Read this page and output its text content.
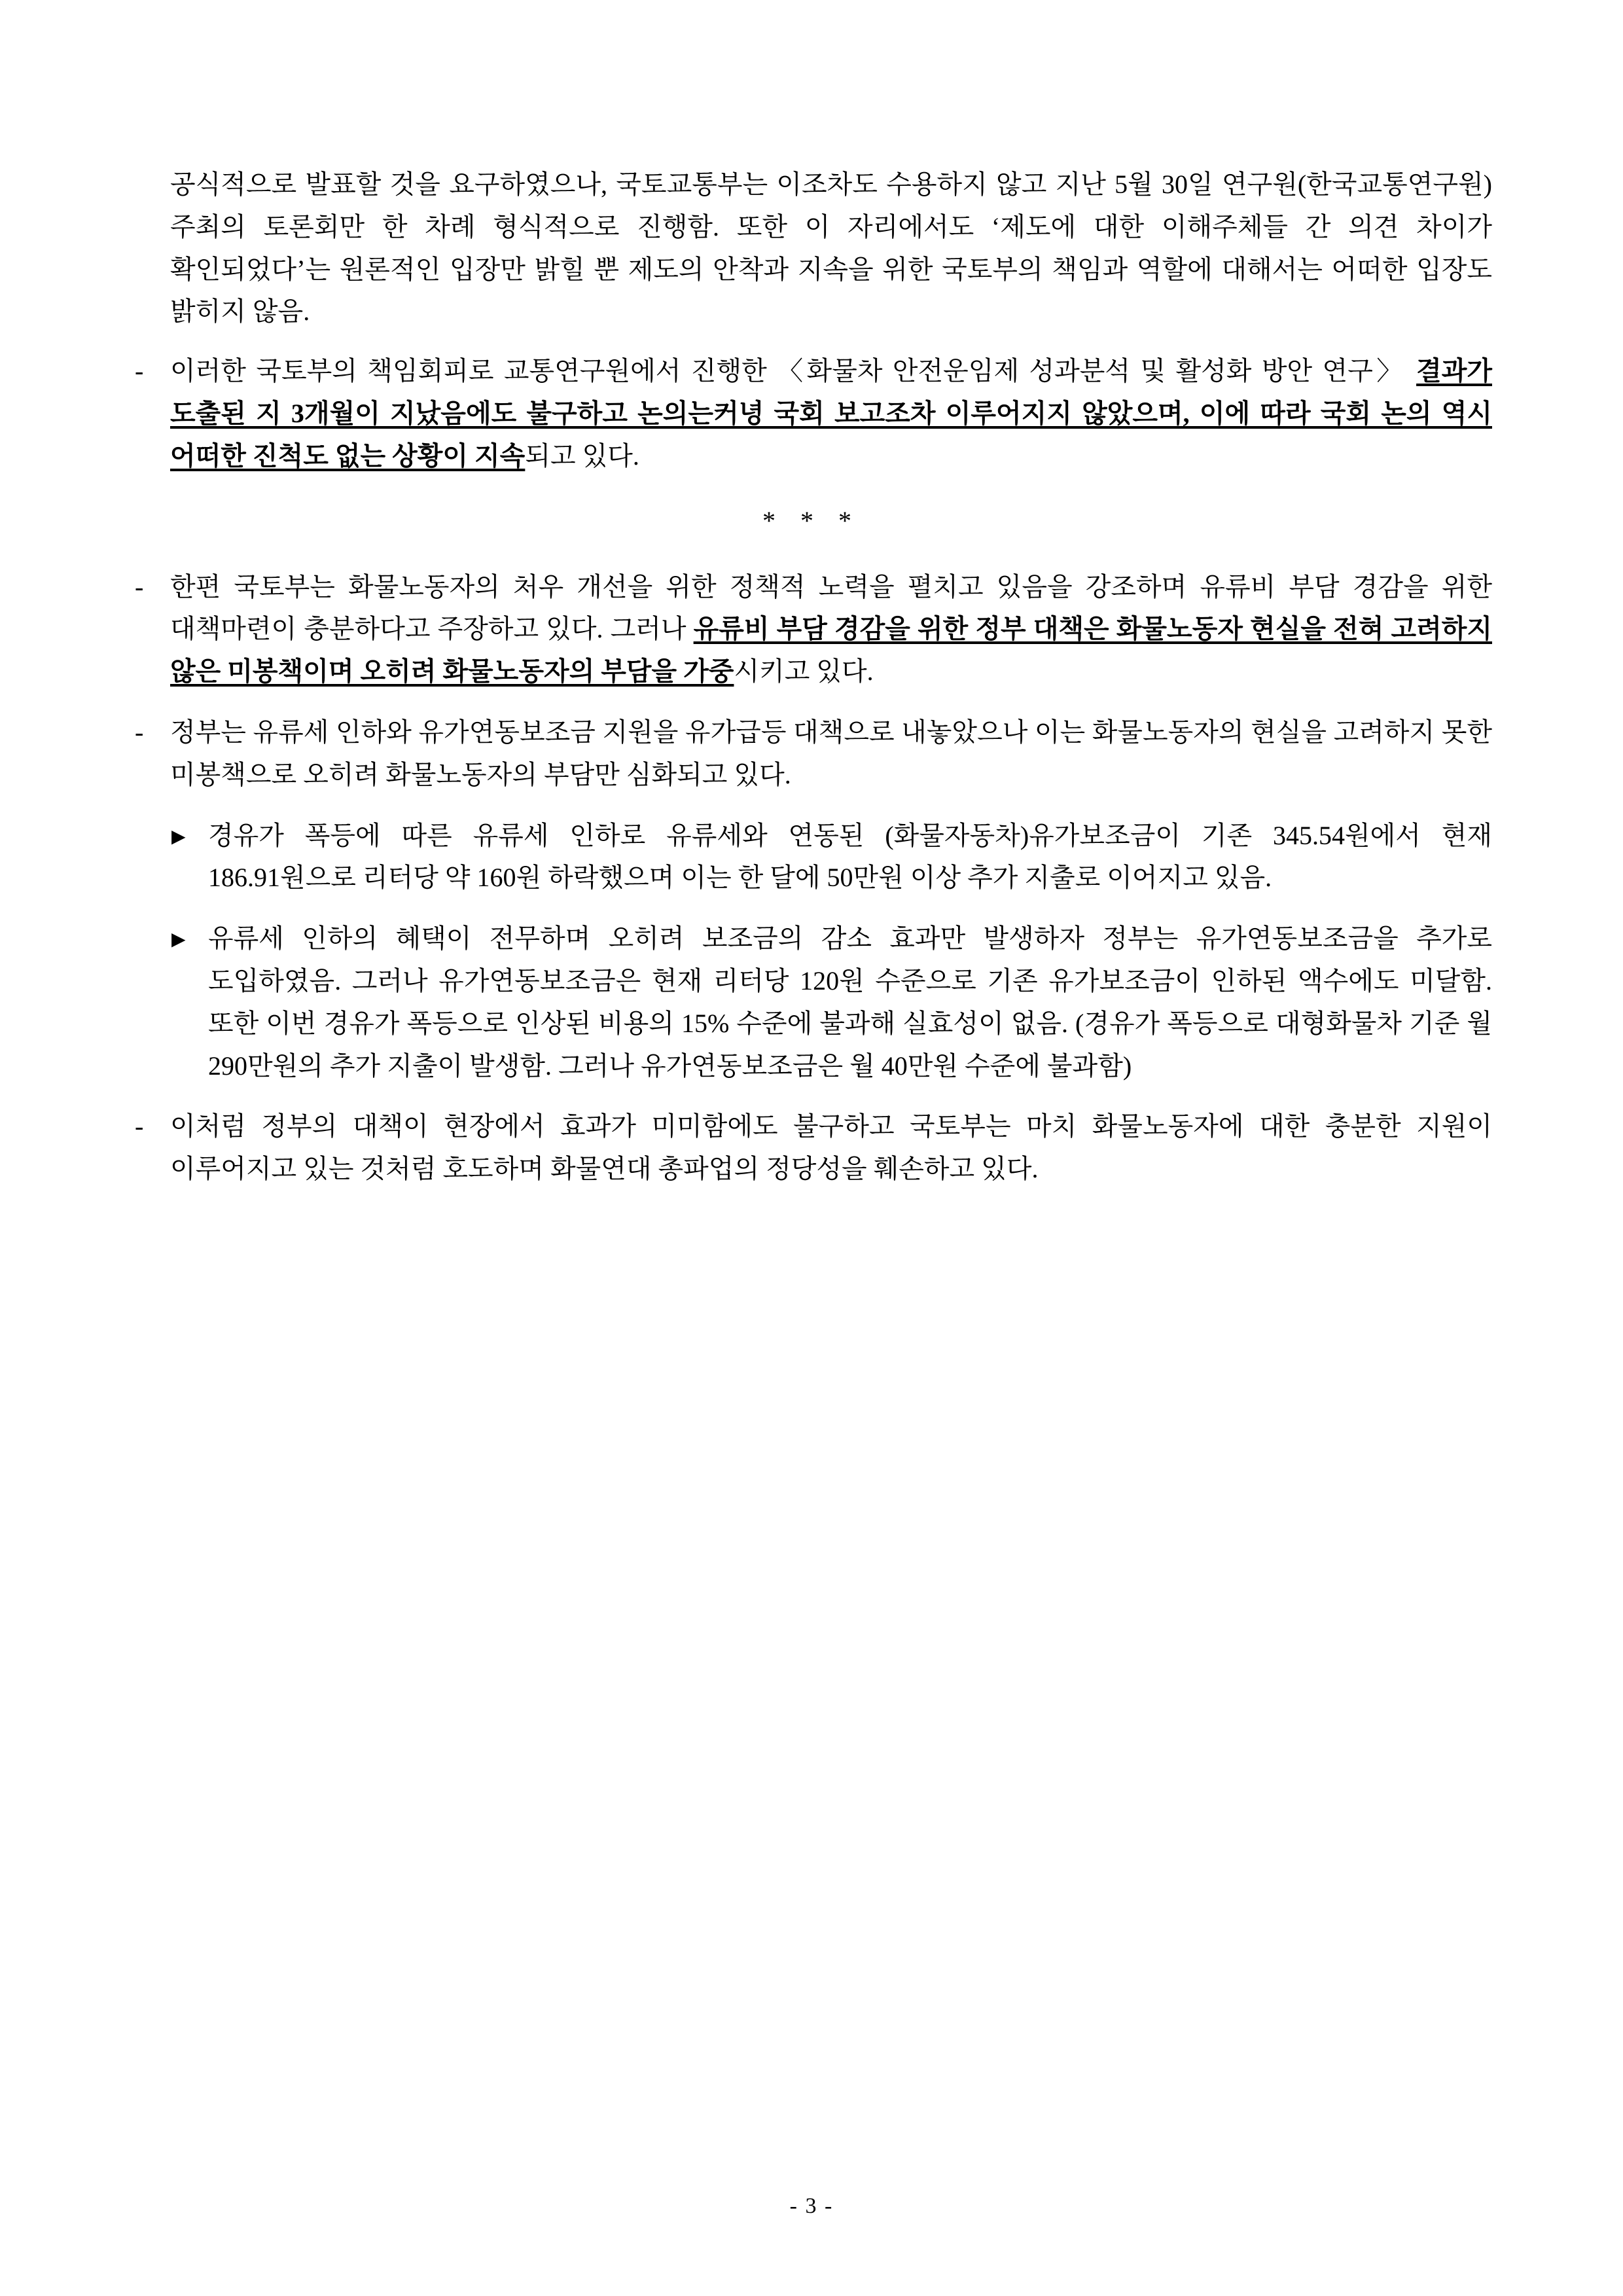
공식적으로 발표할 것을 요구하였으나, 국토교통부는 이조차도 수용하지 않고 지난 5월 30일 연구원(한국교통연구원) 주최의 토론회만 한 차례 형식적으로 진행함. 또한 이 자리에서도 ‘제도에 대한 이해주체들 간 의견 차이가 확인되었다’는 원론적인 입장만 밝힐 뿐 제도의 안착과 지속을 위한 국토부의 책임과 역할에 대해서는 어떠한 입장도 밝히지 않음.

- 이러한 국토부의 책임회피로 교통연구원에서 진행한 〈화물차 안전운임제 성과분석 및 활성화 방안 연구〉 결과가 도출된 지 3개월이 지났음에도 불구하고 논의는커녕 국회 보고조차 이루어지지 않았으며, 이에 따라 국회 논의 역시 어떠한 진척도 없는 상황이 지속되고 있다.

* * *
- 한편 국토부는 화물노동자의 처우 개선을 위한 정책적 노력을 펼치고 있음을 강조하며 유류비 부담 경감을 위한 대책마련이 충분하다고 주장하고 있다. 그러나 유류비 부담 경감을 위한 정부 대책은 화물노동자 현실을 전혀 고려하지 않은 미봉책이며 오히려 화물노동자의 부담을 가중시키고 있다.

- 정부는 유류세 인하와 유가연동보조금 지원을 유가급등 대책으로 내놓았으나 이는 화물노동자의 현실을 고려하지 못한 미봉책으로 오히려 화물노동자의 부담만 심화되고 있다.

▶ 경유가 폭등에 따른 유류세 인하로 유류세와 연동된 (화물자동차)유가보조금이 기존 345.54원에서 현재 186.91원으로 리터당 약 160원 하락했으며 이는 한 달에 50만원 이상 추가 지출로 이어지고 있음.

▶ 유류세 인하의 혜택이 전무하며 오히려 보조금의 감소 효과만 발생하자 정부는 유가연동보조금을 추가로 도입하였음. 그러나 유가연동보조금은 현재 리터당 120원 수준으로 기존 유가보조금이 인하된 액수에도 미달함. 또한 이번 경유가 폭등으로 인상된 비용의 15% 수준에 불과해 실효성이 없음. (경유가 폭등으로 대형화물차 기준 월 290만원의 추가 지출이 발생함. 그러나 유가연동보조금은 월 40만원 수준에 불과함)

- 이처럼 정부의 대책이 현장에서 효과가 미미함에도 불구하고 국토부는 마치 화물노동자에 대한 충분한 지원이 이루어지고 있는 것처럼 호도하며 화물연대 총파업의 정당성을 훼손하고 있다.

- 3 -
